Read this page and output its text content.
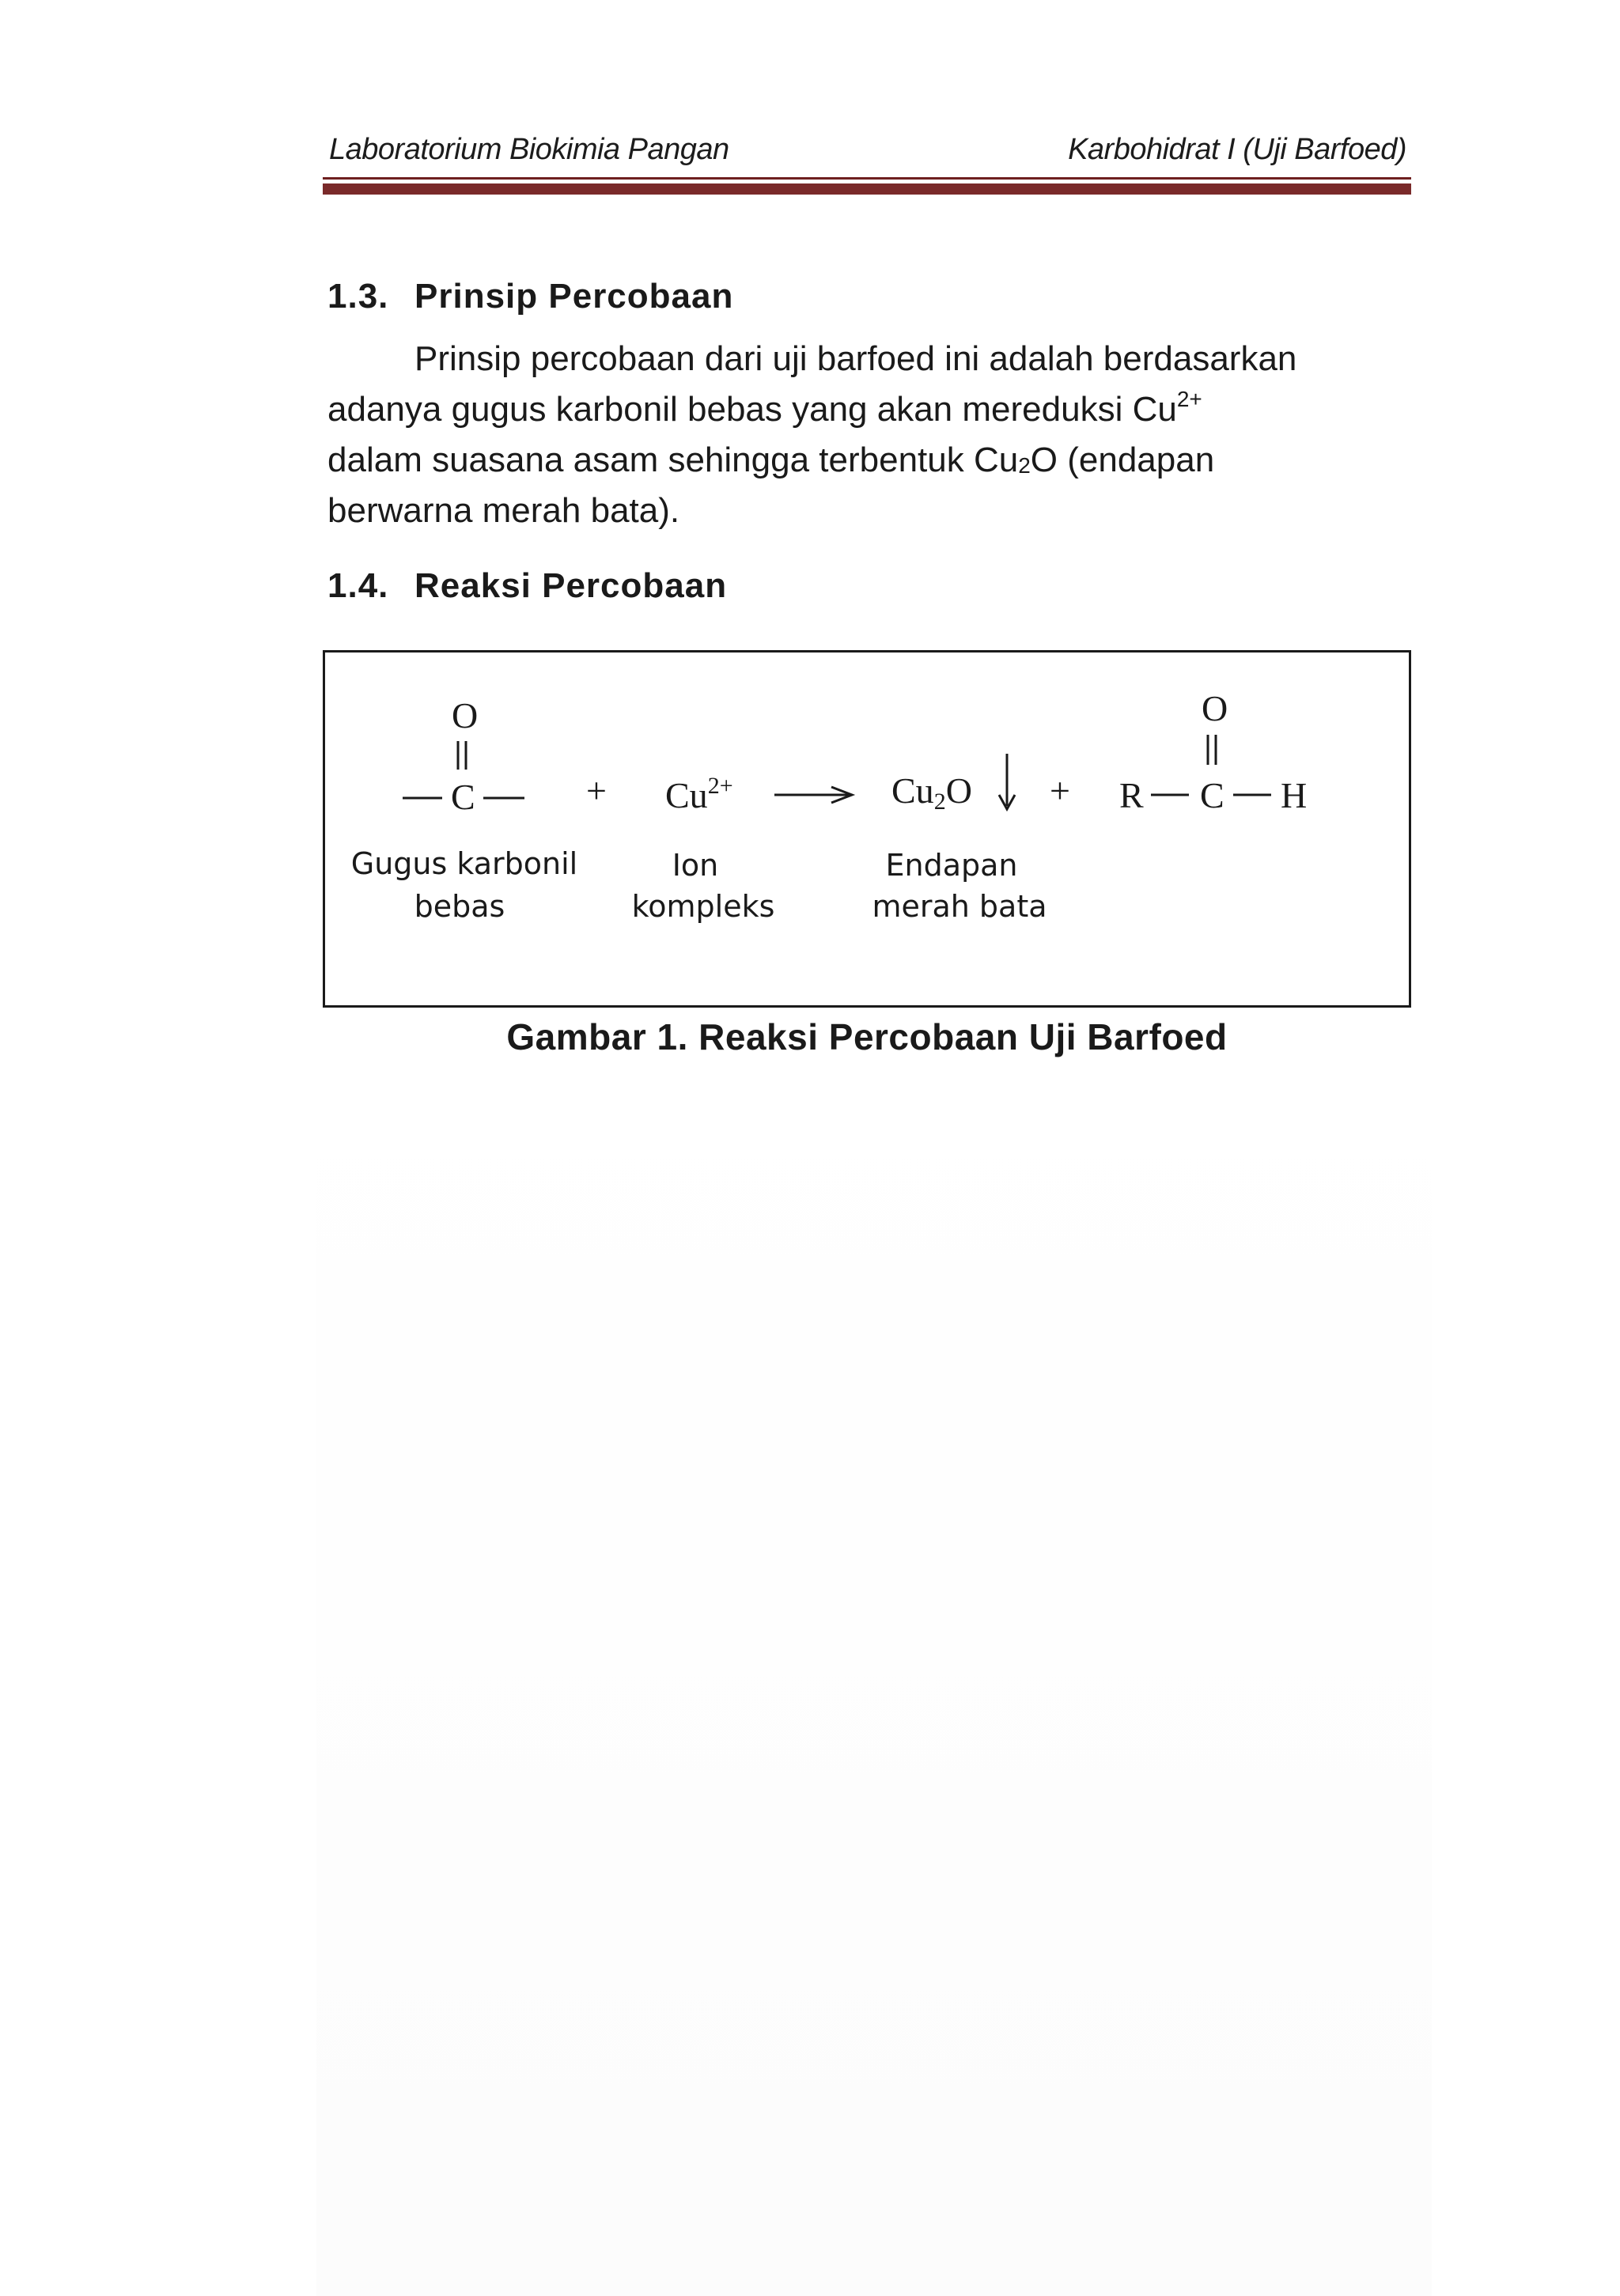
Laboratorium Biokimia Pangan	Karbohidrat I (Uji Barfoed)
1.3. Prinsip Percobaan
Prinsip percobaan dari uji barfoed ini adalah berdasarkan
adanya gugus karbonil bebas yang akan mereduksi $Cu^{2+}$
dalam suasana asam sehingga terbentuk $Cu_2O$ (endapan
berwarna merah bata).
1.4. Reaksi Percobaan
O
C	+ $Cu^{2+}$	Cu2O + R C H
O
Gugus karbonil
bebas
Ion
kompleks
Endapan
merah bata
Gambar 1. Reaksi Percobaan Uji Barfoed
